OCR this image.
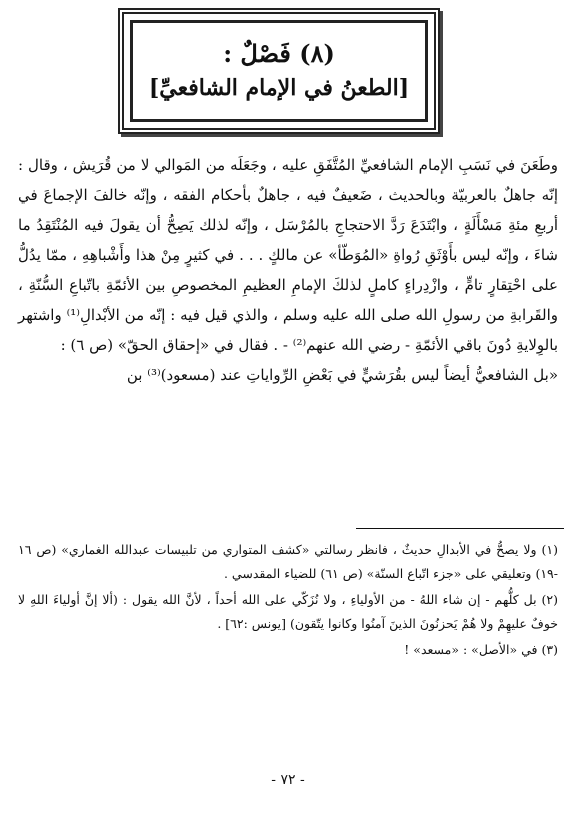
(٨) فَصْلٌ :
[الطعنُ في الإمام الشافعيِّ]

وطَعَنَ في نَسَبِ الإمام الشافعيِّ المُتَّفَقِ عليه ، وجَعَلَه من المَوالي لا من قُرَيش ، وقال : إنّه جاهلٌ بالعربيّة وبالحديث ، ضَعيفٌ فيه ، جاهلٌ بأحكام الفقه ، وإنّه خالفَ الإجماعَ في أربعِ مئةِ مَسْأَلَةٍ ، وابْتَدَعَ رَدَّ الاحتجاجِ بالمُرْسَل ، وإنّه لذلك يَصِحُّ أن يقولَ فيه المُنْتَقِدُ ما شاءَ ، وإنّه ليس بأَوْثَقِ رُواةِ «المُوَطّأ» عن مالكٍ . . . في كثيرٍ مِنْ هذا وأَشْباهِهِ ، ممّا يدُلُّ على احْتِقارٍ تامٍّ ، وازْدِراءٍ كاملٍ لذلكَ الإمامِ العظيمِ المخصوصِ بين الأئمّةِ باتّباعِ السُّنّةِ ، والقَرابةِ من رسولِ الله صلى الله عليه وسلم ، والذي قيل فيه : إنّه من الأبْدالِ⁽¹⁾ واشتهر بالوِلايةِ دُونَ باقي الأئمّةِ - رضي الله عنهم⁽²⁾ - . فقال في «إحقاق الحقّ» (ص ٦) :

«بل الشافعيُّ أيضاً ليس بقُرَشيٍّ في بَعْضِ الرِّواياتِ عند (مسعود)⁽³⁾ بن

(١) ولا يصحُّ في الأبدالِ حديثٌ ، فانظر رسالتي «كشف المتواري من تلبيسات عبدالله الغماري» (ص ١٦ -١٩) وتعليقي على «جزء اتّباع السنّة» (ص ٦١) للضياء المقدسي .

(٢) بل كلُّهم - إن شاء اللهُ - من الأولياءِ ، ولا نُزَكّي على الله أحداً ، لأنَّ الله يقول : (ألا إنَّ أولياءَ اللهِ لا خوفٌ عليهِمْ ولا هُمْ يَحزنُونَ الذينَ آمنُوا وكانوا يتّقون) [يونس :٦٢] .

(٣) في «الأصل» : «مسعد» !

- ٧٢ -
